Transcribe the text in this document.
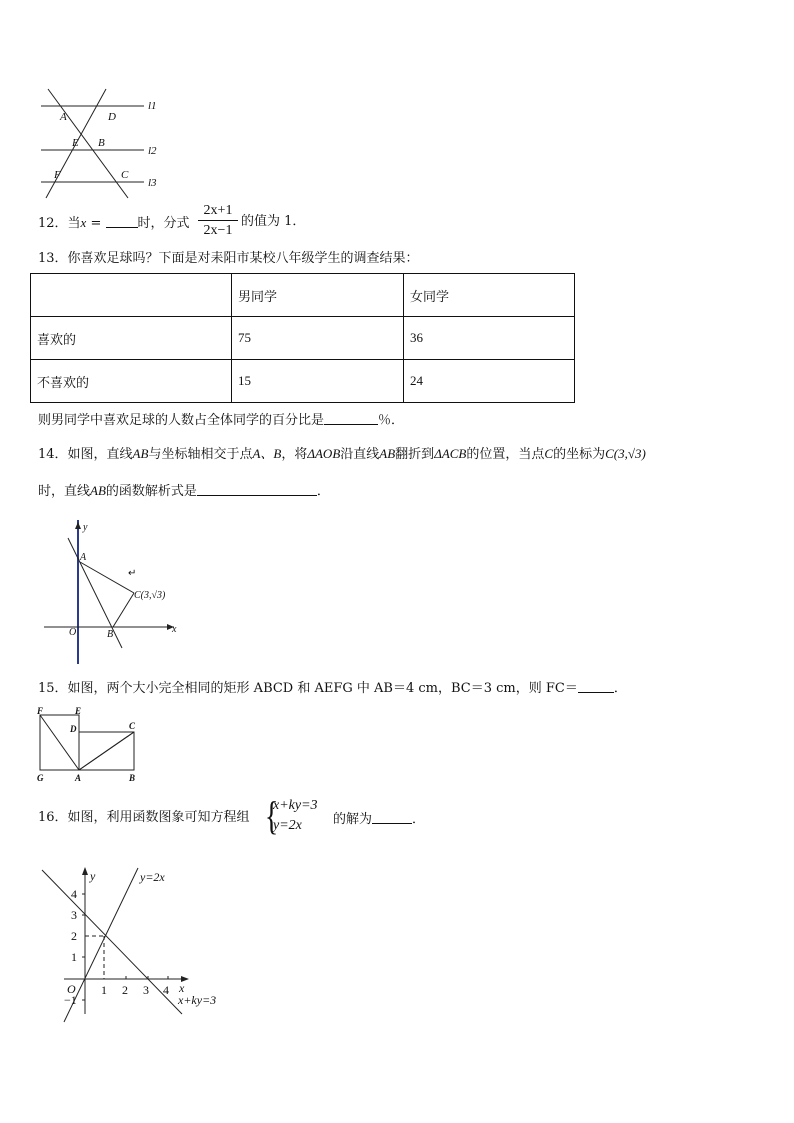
l1
l2
l3
A	D
E B
F	C
12．当x =	时，分式
2x+1
2x−1
的值为 1．
13．你喜欢足球吗？下面是对耒阳市某校八年级学生的调查结果：
	男同学	女同学
喜欢的	75	36
不喜欢的	15	24
则男同学中喜欢足球的人数占全体同学的百分比是	％．
14．如图，直线AB与坐标轴相交于点A、B，将ΔAOB沿直线AB翻折到ΔACB的位置，当点C的坐标为C(3,√3)
时，直线AB的函数解析式是	．
y
A
C(3,√3)
O	B	x
↵
15．如图，两个大小完全相同的矩形 ABCD 和 AEFG 中 AB＝4 cm，BC＝3 cm，则 FC＝	．
F	E
D	C
G	A	B
16．如图，利用函数图象可知方程组 {
x+ky=3
y=2x	的解为	．
y
x
O
4
3
2
1
−1
1 2 3 4
y=2x
x+ky=3
